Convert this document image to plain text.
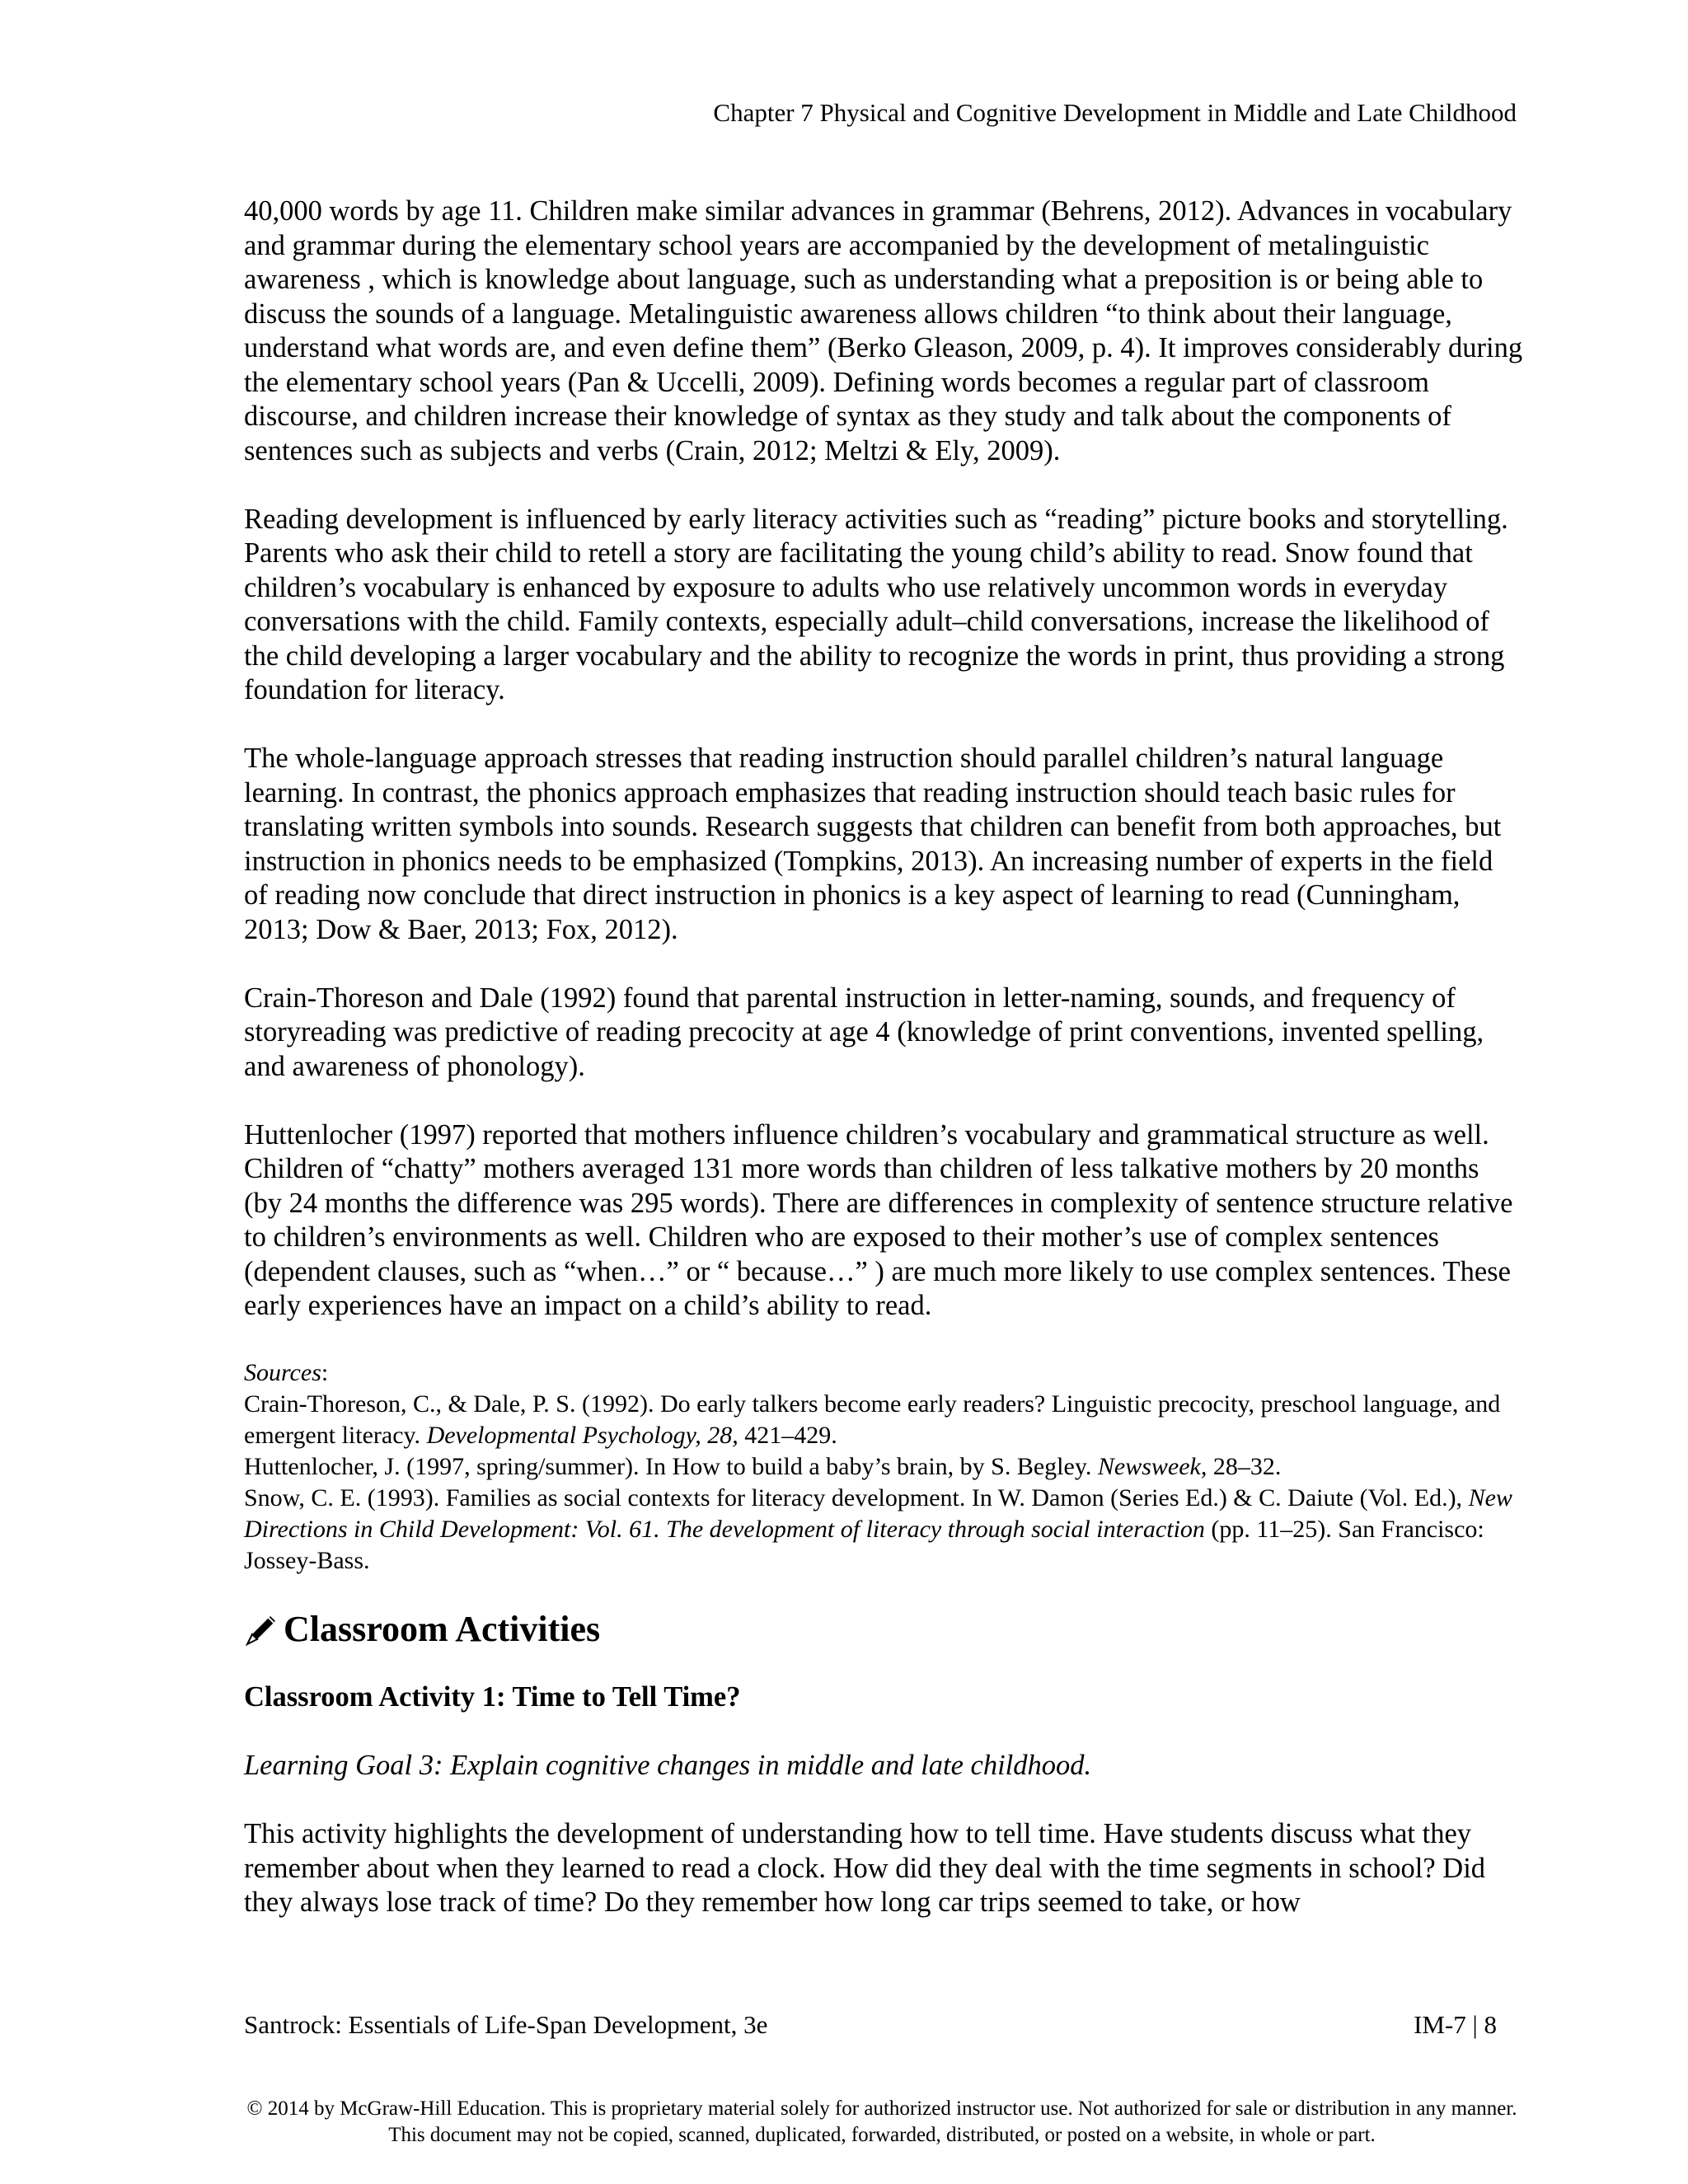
Chapter 7 Physical and Cognitive Development in Middle and Late Childhood

40,000 words by age 11. Children make similar advances in grammar (Behrens, 2012). Advances in vocabulary and grammar during the elementary school years are accompanied by the development of metalinguistic awareness , which is knowledge about language, such as understanding what a preposition is or being able to discuss the sounds of a language. Metalinguistic awareness allows children “to think about their language, understand what words are, and even define them” (Berko Gleason, 2009, p. 4). It improves considerably during the elementary school years (Pan & Uccelli, 2009). Defining words becomes a regular part of classroom discourse, and children increase their knowledge of syntax as they study and talk about the components of sentences such as subjects and verbs (Crain, 2012; Meltzi & Ely, 2009).

Reading development is influenced by early literacy activities such as “reading” picture books and storytelling. Parents who ask their child to retell a story are facilitating the young child’s ability to read. Snow found that children’s vocabulary is enhanced by exposure to adults who use relatively uncommon words in everyday conversations with the child. Family contexts, especially adult–child conversations, increase the likelihood of the child developing a larger vocabulary and the ability to recognize the words in print, thus providing a strong foundation for literacy.

The whole-language approach stresses that reading instruction should parallel children’s natural language learning. In contrast, the phonics approach emphasizes that reading instruction should teach basic rules for translating written symbols into sounds. Research suggests that children can benefit from both approaches, but instruction in phonics needs to be emphasized (Tompkins, 2013). An increasing number of experts in the field of reading now conclude that direct instruction in phonics is a key aspect of learning to read (Cunningham, 2013; Dow & Baer, 2013; Fox, 2012).

Crain-Thoreson and Dale (1992) found that parental instruction in letter-naming, sounds, and frequency of storyreading was predictive of reading precocity at age 4 (knowledge of print conventions, invented spelling, and awareness of phonology).

Huttenlocher (1997) reported that mothers influence children’s vocabulary and grammatical structure as well. Children of “chatty” mothers averaged 131 more words than children of less talkative mothers by 20 months (by 24 months the difference was 295 words). There are differences in complexity of sentence structure relative to children’s environments as well. Children who are exposed to their mother’s use of complex sentences (dependent clauses, such as “when…” or “ because…” ) are much more likely to use complex sentences. These early experiences have an impact on a child’s ability to read.

Sources:

Crain-Thoreson, C., & Dale, P. S. (1992). Do early talkers become early readers? Linguistic precocity, preschool language, and emergent literacy. Developmental Psychology, 28, 421–429.

Huttenlocher, J. (1997, spring/summer). In How to build a baby’s brain, by S. Begley. Newsweek, 28–32.

Snow, C. E. (1993). Families as social contexts for literacy development. In W. Damon (Series Ed.) & C. Daiute (Vol. Ed.), New Directions in Child Development: Vol. 61. The development of literacy through social interaction (pp. 11–25). San Francisco: Jossey-Bass.

Classroom Activities

Classroom Activity 1: Time to Tell Time?

Learning Goal 3: Explain cognitive changes in middle and late childhood.

This activity highlights the development of understanding how to tell time. Have students discuss what they remember about when they learned to read a clock. How did they deal with the time segments in school? Did they always lose track of time? Do they remember how long car trips seemed to take, or how

Santrock: Essentials of Life-Span Development, 3e	IM-7 | 8
© 2014 by McGraw-Hill Education. This is proprietary material solely for authorized instructor use. Not authorized for sale or distribution in any manner. This document may not be copied, scanned, duplicated, forwarded, distributed, or posted on a website, in whole or part.
